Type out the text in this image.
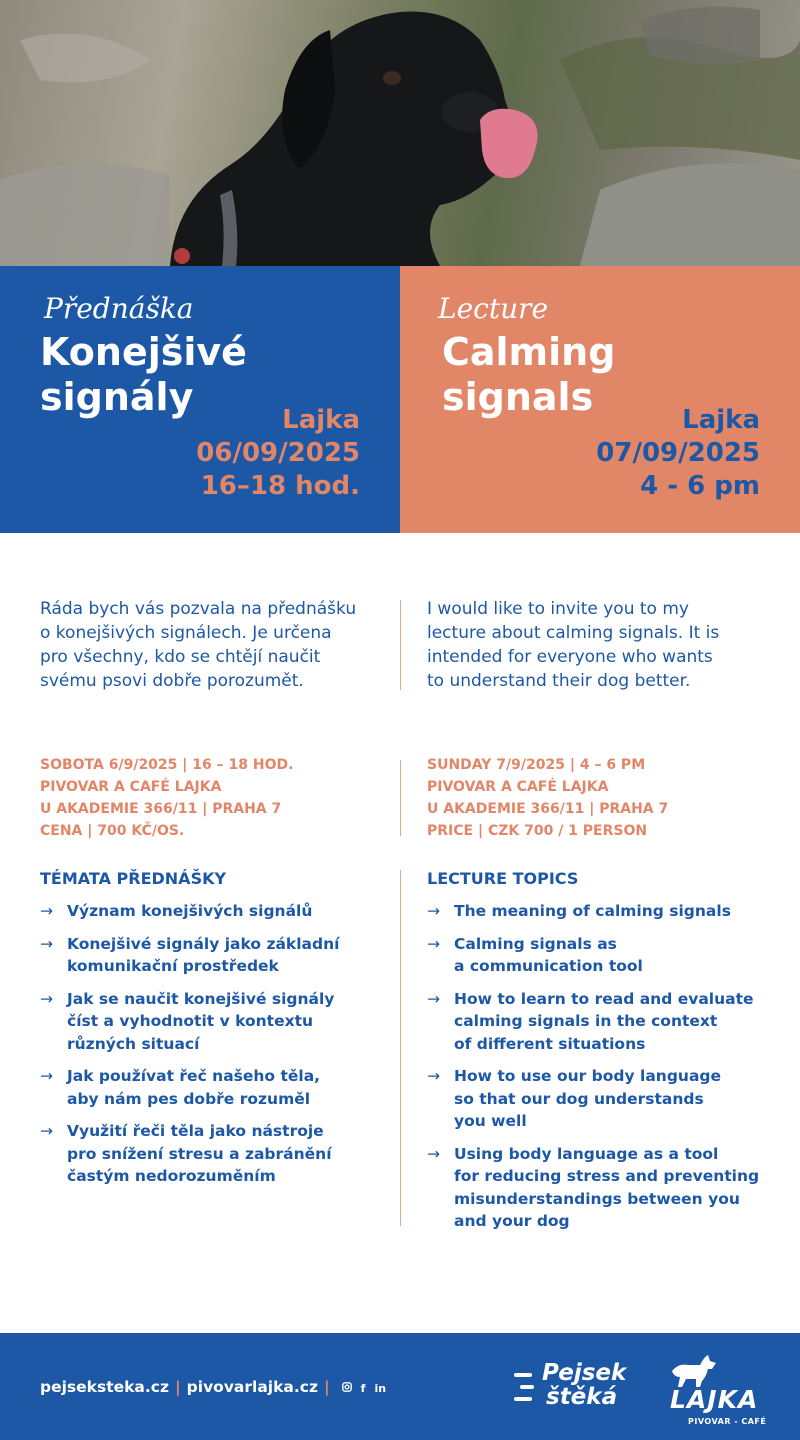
Přednáška
Konejšivé
signály
Lajka
06/09/2025
16–18 hod.
Lecture
Calming
signals
Lajka
07/09/2025
4 - 6 pm
Ráda bych vás pozvala na přednášku
o konejšivých signálech. Je určena
pro všechny, kdo se chtějí naučit
svému psovi dobře porozumět.
I would like to invite you to my
lecture about calming signals. It is
intended for everyone who wants
to understand their dog better.
SOBOTA 6/9/2025 | 16 – 18 HOD.
PIVOVAR A CAFÉ LAJKA
U AKADEMIE 366/11 | PRAHA 7
CENA | 700 KČ/OS.
SUNDAY 7/9/2025 | 4 – 6 PM
PIVOVAR A CAFÉ LAJKA
U AKADEMIE 366/11 | PRAHA 7
PRICE | CZK 700 / 1 PERSON
TÉMATA PŘEDNÁŠKY	LECTURE TOPICS
→ Význam konejšivých signálů
→ Konejšivé signály jako základní
komunikační prostředek
→ Jak se naučit konejšivé signály
číst a vyhodnotit v kontextu
různých situací
→ Jak používat řeč našeho těla,
aby nám pes dobře rozuměl
→ Využití řeči těla jako nástroje
pro snížení stresu a zabránění
častým nedorozuměním
→ The meaning of calming signals
→ Calming signals as
a communication tool
→ How to learn to read and evaluate
calming signals in the context
of different situations
→ How to use our body language
so that our dog understands
you well
→ Using body language as a tool
for reducing stress and preventing
misunderstandings between you
and your dog
pejseksteka.cz | pivovarlajka.cz |	f in
Pejsek
štěká	LAJKA
PIVOVAR - CAFÉ
